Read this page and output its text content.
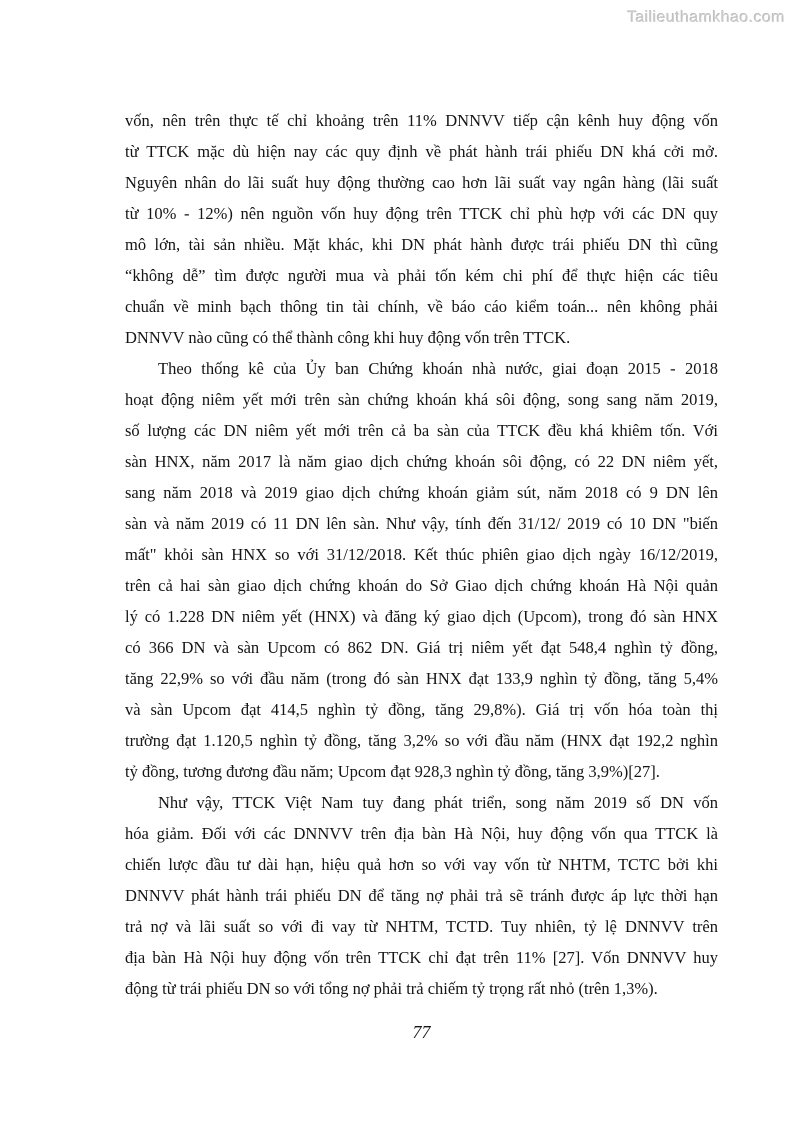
Tailieuthamkhao.com
vốn, nên trên thực tế chỉ khoảng trên 11% DNNVV tiếp cận kênh huy động vốn
từ TTCK mặc dù hiện nay các quy định về phát hành trái phiếu DN khá cởi mở.
Nguyên nhân do lãi suất huy động thường cao hơn lãi suất vay ngân hàng (lãi suất
từ 10% - 12%) nên nguồn vốn huy động trên TTCK chỉ phù hợp với các DN quy
mô lớn, tài sản nhiều. Mặt khác, khi DN phát hành được trái phiếu DN thì cũng
“không dễ” tìm được người mua và phải tốn kém chi phí để thực hiện các tiêu
chuẩn về minh bạch thông tin tài chính, về báo cáo kiểm toán... nên không phải
DNNVV nào cũng có thể thành công khi huy động vốn trên TTCK.
Theo thống kê của Ủy ban Chứng khoán nhà nước, giai đoạn 2015 - 2018
hoạt động niêm yết mới trên sàn chứng khoán khá sôi động, song sang năm 2019,
số lượng các DN niêm yết mới trên cả ba sàn của TTCK đều khá khiêm tốn. Với
sàn HNX, năm 2017 là năm giao dịch chứng khoán sôi động, có 22 DN niêm yết,
sang năm 2018 và 2019 giao dịch chứng khoán giảm sút, năm 2018 có 9 DN lên
sàn và năm 2019 có 11 DN lên sàn. Như vậy, tính đến 31/12/ 2019 có 10 DN "biến
mất" khỏi sàn HNX so với 31/12/2018. Kết thúc phiên giao dịch ngày 16/12/2019,
trên cả hai sàn giao dịch chứng khoán do Sở Giao dịch chứng khoán Hà Nội quản
lý có 1.228 DN niêm yết (HNX) và đăng ký giao dịch (Upcom), trong đó sàn HNX
có 366 DN và sàn Upcom có 862 DN. Giá trị niêm yết đạt 548,4 nghìn tỷ đồng,
tăng 22,9% so với đầu năm (trong đó sàn HNX đạt 133,9 nghìn tỷ đồng, tăng 5,4%
và sàn Upcom đạt 414,5 nghìn tỷ đồng, tăng 29,8%). Giá trị vốn hóa toàn thị
trường đạt 1.120,5 nghìn tỷ đồng, tăng 3,2% so với đầu năm (HNX đạt 192,2 nghìn
tỷ đồng, tương đương đầu năm; Upcom đạt 928,3 nghìn tỷ đồng, tăng 3,9%)[27].
Như vậy, TTCK Việt Nam tuy đang phát triển, song năm 2019 số DN vốn
hóa giảm. Đối với các DNNVV trên địa bàn Hà Nội, huy động vốn qua TTCK là
chiến lược đầu tư dài hạn, hiệu quả hơn so với vay vốn từ NHTM, TCTC bởi khi
DNNVV phát hành trái phiếu DN để tăng nợ phải trả sẽ tránh được áp lực thời hạn
trả nợ và lãi suất so với đi vay từ NHTM, TCTD. Tuy nhiên, tỷ lệ DNNVV trên
địa bàn Hà Nội huy động vốn trên TTCK chỉ đạt trên 11% [27]. Vốn DNNVV huy
động từ trái phiếu DN so với tổng nợ phải trả chiếm tỷ trọng rất nhỏ (trên 1,3%).
77
